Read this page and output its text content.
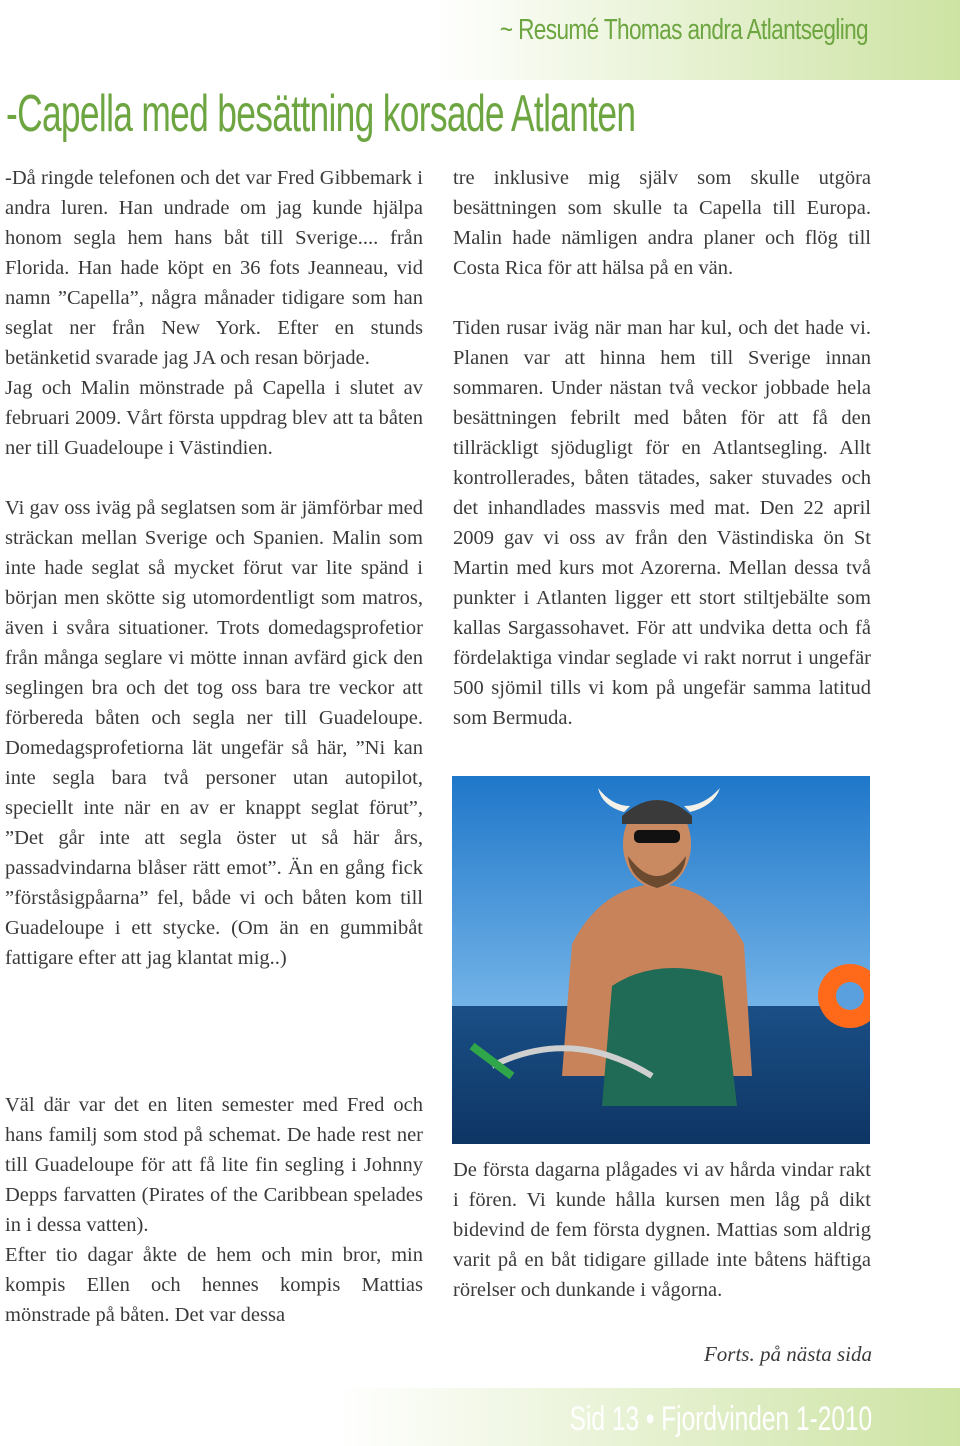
~ Resumé Thomas andra Atlantsegling
-Capella med besättning korsade Atlanten

-Då ringde telefonen och det var Fred Gibbemark i andra luren. Han undrade om jag kunde hjälpa honom segla hem hans båt till Sverige.... från Florida. Han hade köpt en 36 fots Jeanneau, vid namn ”Capella”, några månader tidigare som han seglat ner från New York. Efter en stunds betänketid svarade jag JA och resan började.

Jag och Malin mönstrade på Capella i slutet av februari 2009. Vårt första uppdrag blev att ta båten ner till Guadeloupe i Västindien.

Vi gav oss iväg på seglatsen som är jämförbar med sträckan mellan Sverige och Spanien. Malin som inte hade seglat så mycket förut var lite spänd i början men skötte sig utomordentligt som matros, även i svåra situationer. Trots domedagsprofetior från många seglare vi mötte innan avfärd gick den seglingen bra och det tog oss bara tre veckor att förbereda båten och segla ner till Guadeloupe. Domedagsprofetiorna lät ungefär så här, ”Ni kan inte segla bara två personer utan autopilot, speciellt inte när en av er knappt seglat förut”, ”Det går inte att segla öster ut så här års, passadvindarna blåser rätt emot”. Än en gång fick ”förståsigpåarna” fel, både vi och båten kom till Guadeloupe i ett stycke. (Om än en gummibåt fattigare efter att jag klantat mig..)

tre inklusive mig själv som skulle utgöra besättningen som skulle ta Capella till Europa. Malin hade nämligen andra planer och flög till Costa Rica för att hälsa på en vän.

Tiden rusar iväg när man har kul, och det hade vi. Planen var att hinna hem till Sverige innan sommaren. Under nästan två veckor jobbade hela besättningen febrilt med båten för att få den tillräckligt sjödugligt för en Atlantsegling. Allt kontrollerades, båten tätades, saker stuvades och det inhandlades massvis med mat. Den 22 april 2009 gav vi oss av från den Västindiska ön St Martin med kurs mot Azorerna. Mellan dessa två punkter i Atlanten ligger ett stort stiltjebälte som kallas Sargassohavet. För att undvika detta och få fördelaktiga vindar seglade vi rakt norrut i ungefär 500 sjömil tills vi kom på ungefär samma latitud som Bermuda.

Väl där var det en liten semester med Fred och hans familj som stod på schemat. De hade rest ner till Guadeloupe för att få lite fin segling i Johnny Depps farvatten (Pirates of the Caribbean spelades in i dessa vatten).

Efter tio dagar åkte de hem och min bror, min kompis Ellen och hennes kompis Mattias mönstrade på båten. Det var dessa

De första dagarna plågades vi av hårda vindar rakt i fören. Vi kunde hålla kursen men låg på dikt bidevind de fem första dygnen. Mattias som aldrig varit på en båt tidigare gillade inte båtens häftiga rörelser och dunkande i vågorna.

Forts. på nästa sida
Sid 13 • Fjordvinden 1-2010
